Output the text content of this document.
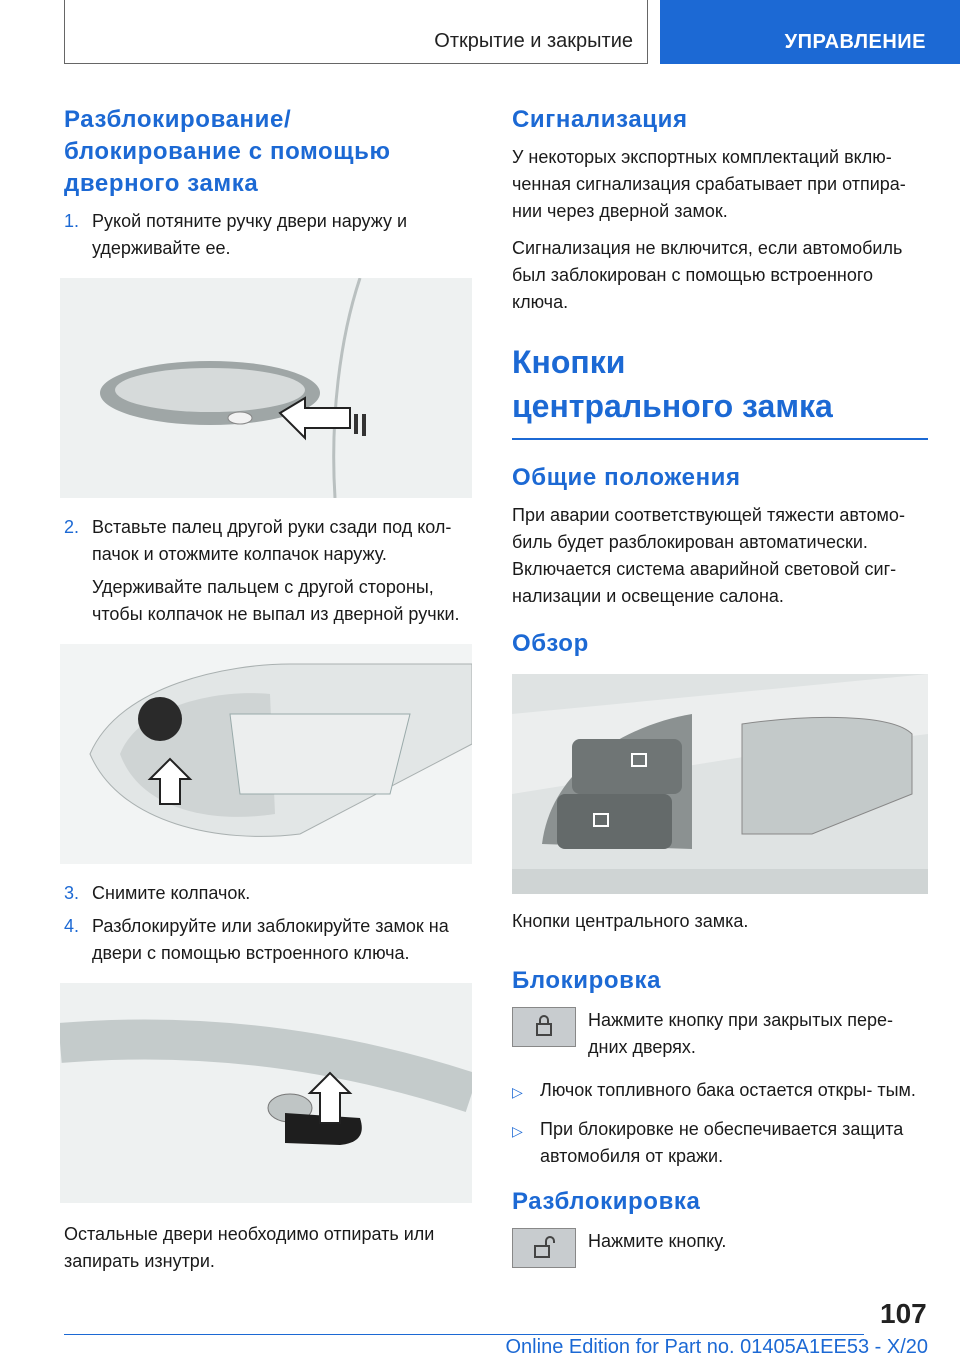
Открытие и закрытие	УПРАВЛЕНИЕ
Разблокирование/ блокирование с помощью дверного замка
1. Рукой потяните ручку двери наружу и удерживайте ее.
2. Вставьте палец другой руки сзади под кол- пачок и отожмите колпачок наружу.
Удерживайте пальцем с другой стороны, чтобы колпачок не выпал из дверной ручки.
3. Снимите колпачок.
4. Разблокируйте или заблокируйте замок на двери с помощью встроенного ключа.

Остальные двери необходимо отпирать или запирать изнутри.

Сигнализация

У некоторых экспортных комплектаций вклю- ченная сигнализация срабатывает при отпира- нии через дверной замок.

Сигнализация не включится, если автомобиль был заблокирован с помощью встроенного ключа.

Кнопки центрального замка
Общие положения

При аварии соответствующей тяжести автомо- биль будет разблокирован автоматически. Включается система аварийной световой сиг- нализации и освещение салона.

Обзор

Кнопки центрального замка.

Блокировка
Нажмите кнопку при закрытых пере- дних дверях.
▷ Лючок топливного бака остается откры- тым.
▷ При блокировке не обеспечивается защита автомобиля от кражи.
Разблокировка
Нажмите кнопку.
107
Online Edition for Part no. 01405A1EE53 - X/20
